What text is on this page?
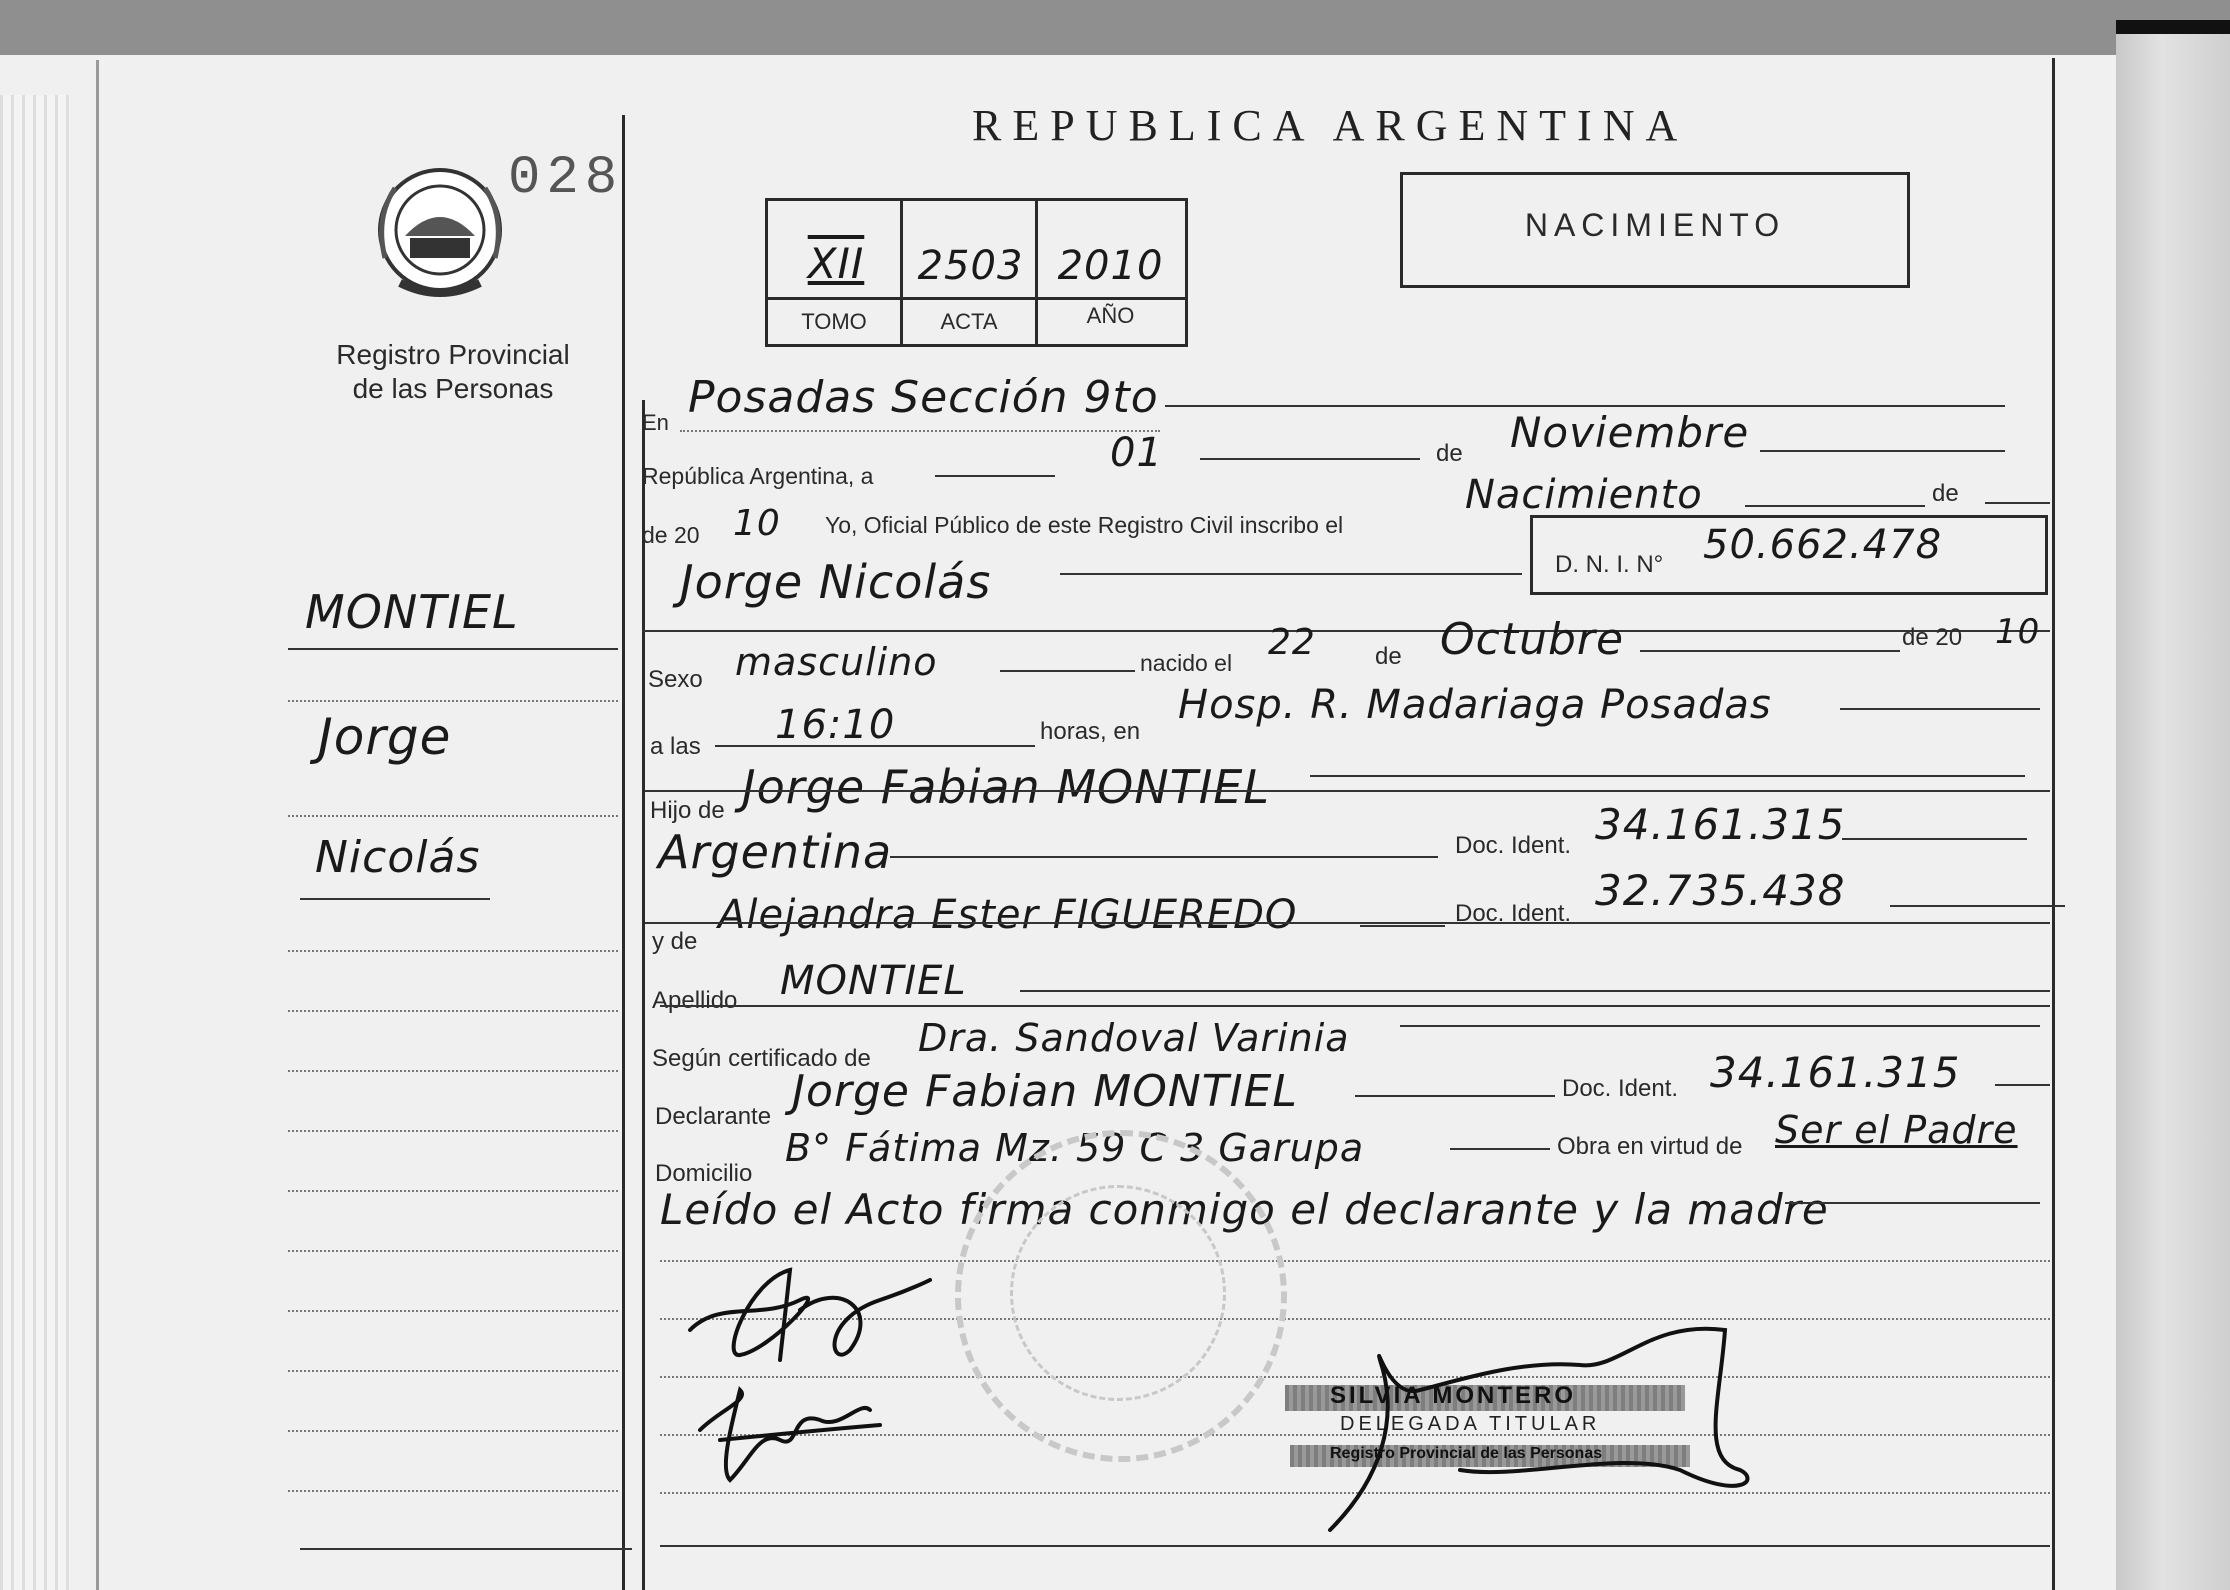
028
Registro Provincial
de las Personas
MONTIEL
Jorge
Nicolás
REPUBLICA ARGENTINA
XII	2503 2010
TOMO	ACTA	AÑO
NACIMIENTO
En Posadas Sección 9to
República Argentina, a	01	de Noviembre
de 20 10 Yo, Oficial Público de este Registro Civil inscribo el
Nacimiento	de
Jorge Nicolás	D. N. I. N° 50.662.478
Sexo masculino	nacido el 22 de Octubre	de 20 10
a las 16:10	horas, en
Hosp. R. Madariaga Posadas
Hijo de Jorge Fabian MONTIEL
Argentina	Doc. Ident. 34.161.315
y de
Alejandra Ester FIGUEREDO	Doc. Ident. 32.735.438
Apellido MONTIEL
Según certificado de Dra. Sandoval Varinia
Declarante Jorge Fabian MONTIEL	Doc. Ident. 34.161.315
Domicilio
B° Fátima Mz. 59 C 3 Garupa	Obra en virtud de Ser el Padre
Leído el Acto firma conmigo el declarante y la madre
SILVIA MONTERO
DELEGADA TITULAR
Registro Provincial de las Personas
